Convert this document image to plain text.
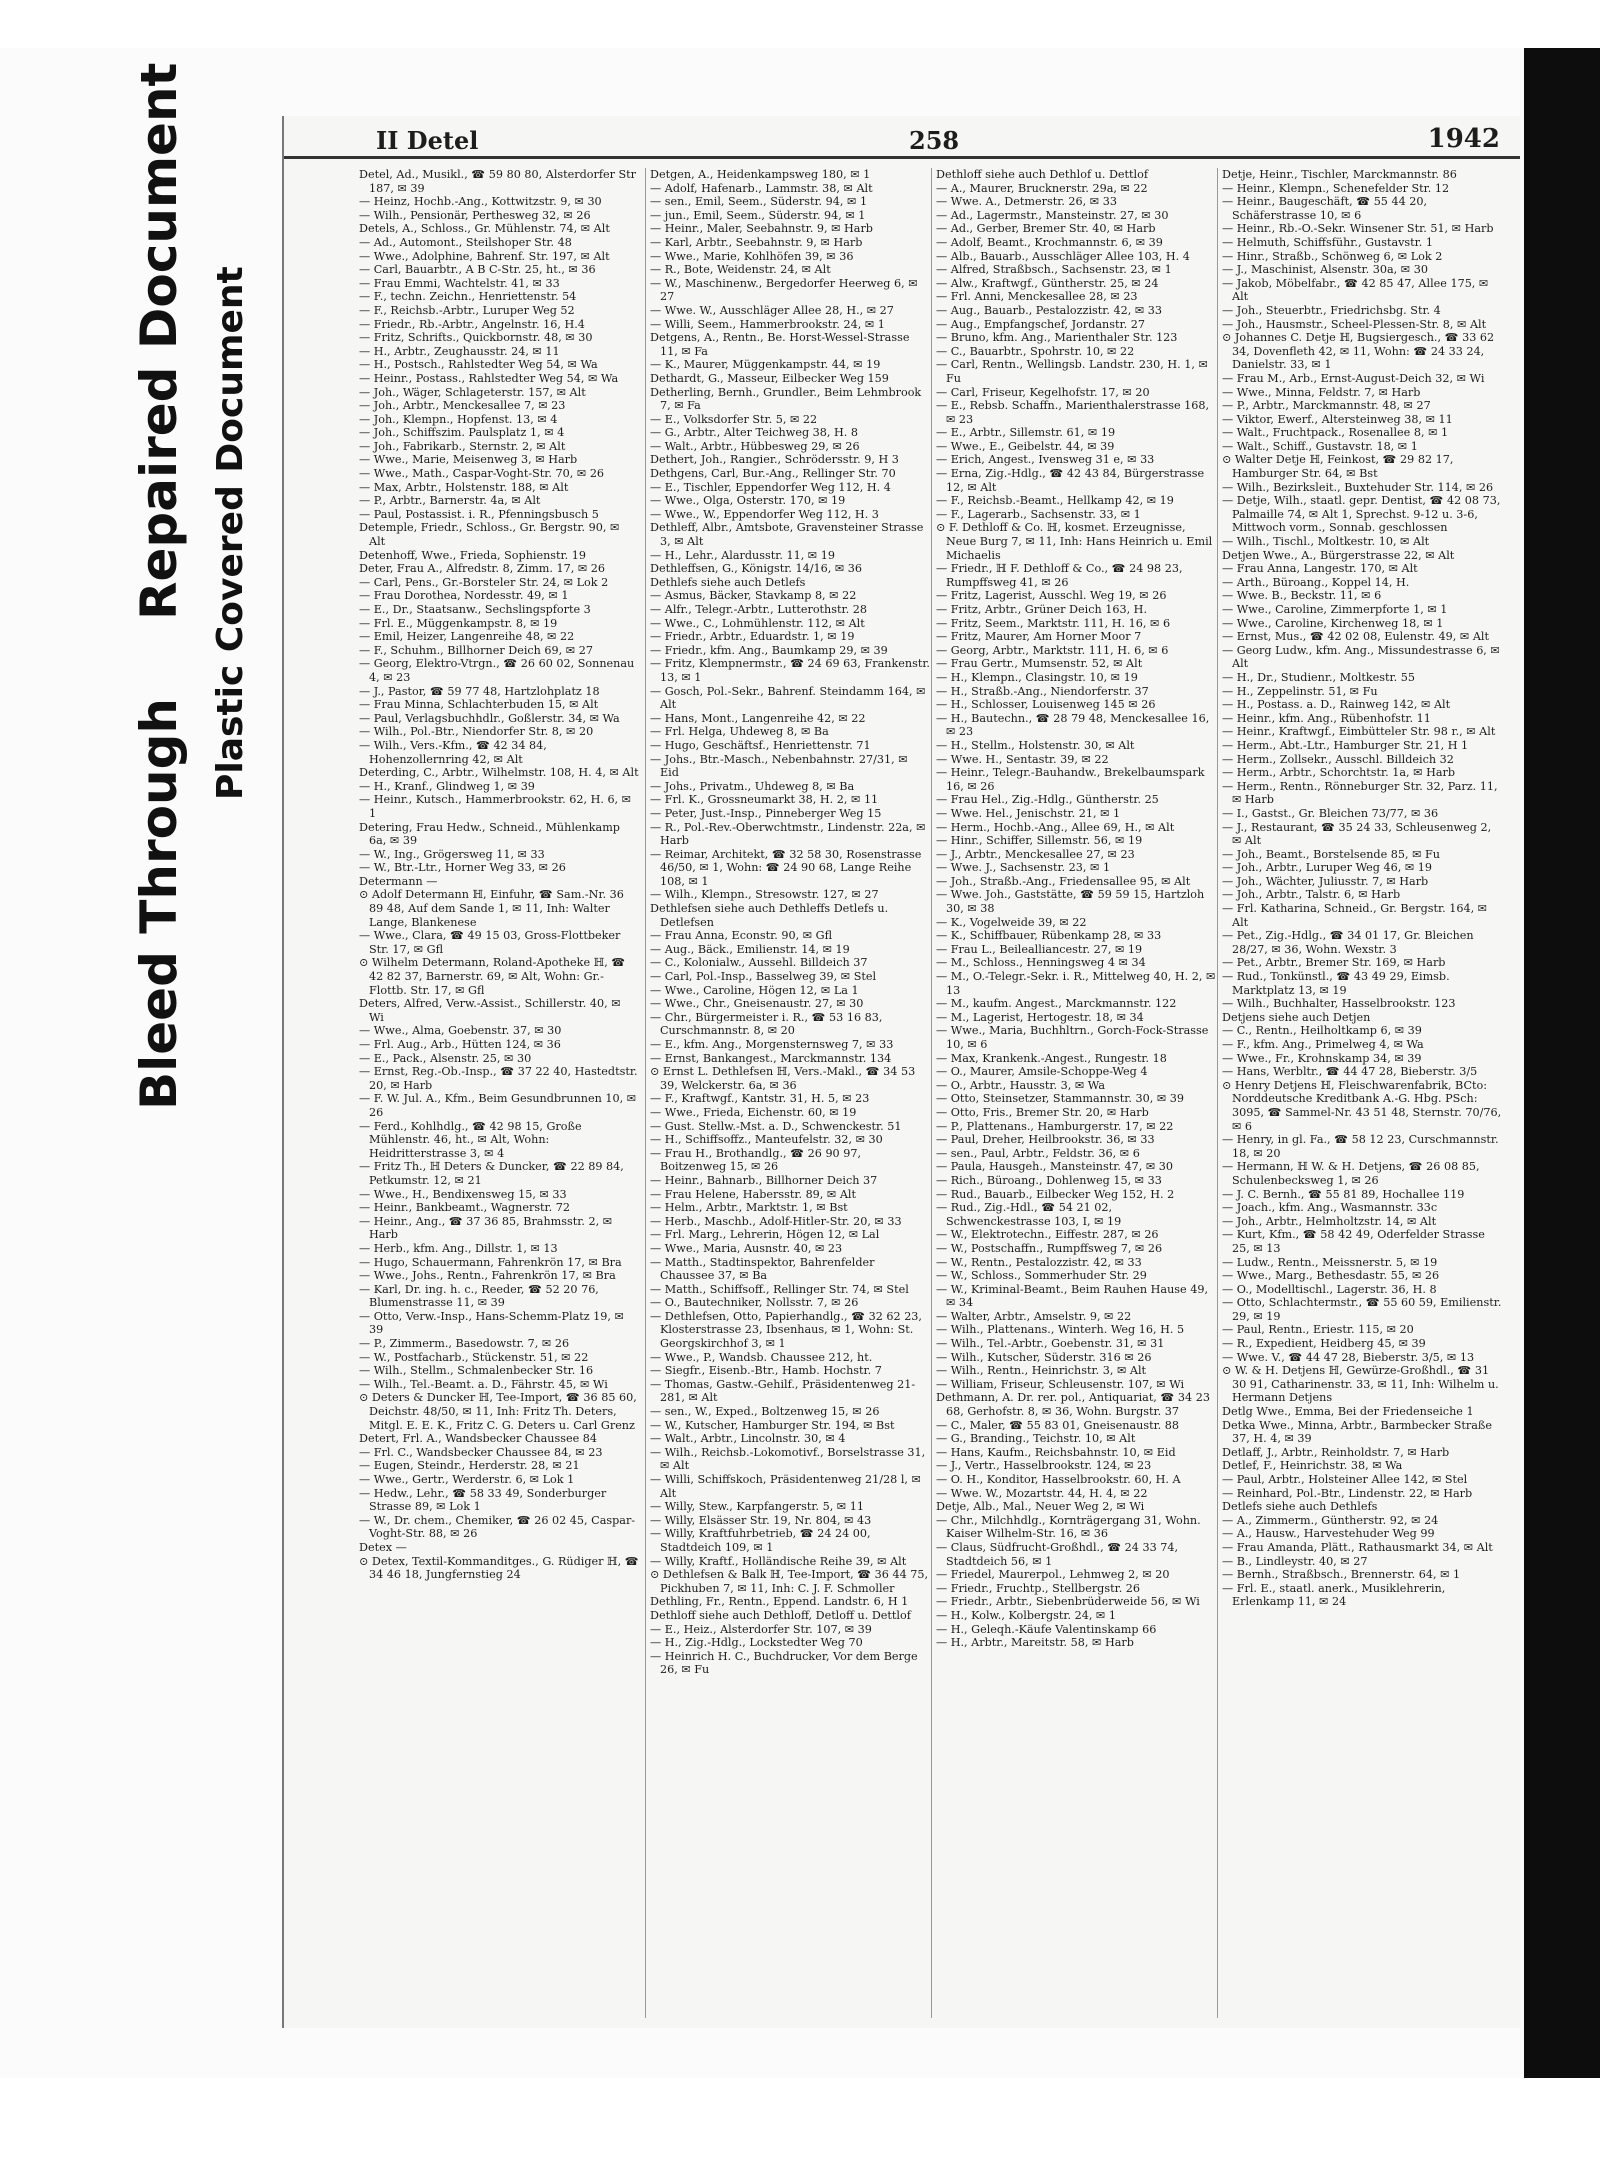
Bleed Through
Repaired Document Plastic Covered Document
II Detel	258	1942

Detel, Ad., Musikl., ☎ 59 80 80, Alsterdorfer Str 187, ✉ 39

— Heinz, Hochb.-Ang., Kottwitzstr. 9, ✉ 30

— Wilh., Pensionär, Perthesweg 32, ✉ 26

Detels, A., Schloss., Gr. Mühlenstr. 74, ✉ Alt

— Ad., Automont., Steilshoper Str. 48

— Wwe., Adolphine, Bahrenf. Str. 197, ✉ Alt

— Carl, Bauarbtr., A B C-Str. 25, ht., ✉ 36

— Frau Emmi, Wachtelstr. 41, ✉ 33

— F., techn. Zeichn., Henriettenstr. 54

— F., Reichsb.-Arbtr., Luruper Weg 52

— Friedr., Rb.-Arbtr., Angelnstr. 16, H.4

— Fritz, Schrifts., Quickbornstr. 48, ✉ 30

— H., Arbtr., Zeughausstr. 24, ✉ 11

— H., Postsch., Rahlstedter Weg 54, ✉ Wa

— Heinr., Postass., Rahlstedter Weg 54, ✉ Wa

— Joh., Wäger, Schlageterstr. 157, ✉ Alt

— Joh., Arbtr., Menckesallee 7, ✉ 23

— Joh., Klempn., Hopfenst. 13, ✉ 4

— Joh., Schiffszim. Paulsplatz 1, ✉ 4

— Joh., Fabrikarb., Sternstr. 2, ✉ Alt

— Wwe., Marie, Meisenweg 3, ✉ Harb

— Wwe., Math., Caspar-Voght-Str. 70, ✉ 26

— Max, Arbtr., Holstenstr. 188, ✉ Alt

— P., Arbtr., Barnerstr. 4a, ✉ Alt

— Paul, Postassist. i. R., Pfenningsbusch 5

Detemple, Friedr., Schloss., Gr. Bergstr. 90, ✉ Alt

Detenhoff, Wwe., Frieda, Sophienstr. 19

Deter, Frau A., Alfredstr. 8, Zimm. 17, ✉ 26

— Carl, Pens., Gr.-Borsteler Str. 24, ✉ Lok 2

— Frau Dorothea, Nordesstr. 49, ✉ 1

— E., Dr., Staatsanw., Sechslingspforte 3

— Frl. E., Müggenkampstr. 8, ✉ 19

— Emil, Heizer, Langenreihe 48, ✉ 22

— F., Schuhm., Billhorner Deich 69, ✉ 27

— Georg, Elektro-Vtrgn., ☎ 26 60 02, Sonnenau 4, ✉ 23

— J., Pastor, ☎ 59 77 48, Hartzlohplatz 18

— Frau Minna, Schlachterbuden 15, ✉ Alt

— Paul, Verlagsbuchhdlr., Goßlerstr. 34, ✉ Wa

— Wilh., Pol.-Btr., Niendorfer Str. 8, ✉ 20

— Wilh., Vers.-Kfm., ☎ 42 34 84, Hohenzollernring 42, ✉ Alt

Deterding, C., Arbtr., Wilhelmstr. 108, H. 4, ✉ Alt

— H., Kranf., Glindweg 1, ✉ 39

— Heinr., Kutsch., Hammerbrookstr. 62, H. 6, ✉ 1

Detering, Frau Hedw., Schneid., Mühlenkamp 6a, ✉ 39

— W., Ing., Grögersweg 11, ✉ 33

— W., Btr.-Ltr., Horner Weg 33, ✉ 26

Determann —

⊙ Adolf Determann ℍ, Einfuhr, ☎ Sam.-Nr. 36 89 48, Auf dem Sande 1, ✉ 11, Inh: Walter Lange, Blankenese

— Wwe., Clara, ☎ 49 15 03, Gross-Flottbeker Str. 17, ✉ Gfl

⊙ Wilhelm Determann, Roland-Apotheke ℍ, ☎ 42 82 37, Barnerstr. 69, ✉ Alt, Wohn: Gr.-Flottb. Str. 17, ✉ Gfl

Deters, Alfred, Verw.-Assist., Schillerstr. 40, ✉ Wi

— Wwe., Alma, Goebenstr. 37, ✉ 30

— Frl. Aug., Arb., Hütten 124, ✉ 36

— E., Pack., Alsenstr. 25, ✉ 30

— Ernst, Reg.-Ob.-Insp., ☎ 37 22 40, Hastedtstr. 20, ✉ Harb

— F. W. Jul. A., Kfm., Beim Gesundbrunnen 10, ✉ 26

— Ferd., Kohlhdlg., ☎ 42 98 15, Große Mühlenstr. 46, ht., ✉ Alt, Wohn: Heidritterstrasse 3, ✉ 4

— Fritz Th., ℍ Deters & Duncker, ☎ 22 89 84, Petkumstr. 12, ✉ 21

— Wwe., H., Bendixensweg 15, ✉ 33

— Heinr., Bankbeamt., Wagnerstr. 72

— Heinr., Ang., ☎ 37 36 85, Brahmsstr. 2, ✉ Harb

— Herb., kfm. Ang., Dillstr. 1, ✉ 13

— Hugo, Schauermann, Fahrenkrön 17, ✉ Bra

— Wwe., Johs., Rentn., Fahrenkrön 17, ✉ Bra

— Karl, Dr. ing. h. c., Reeder, ☎ 52 20 76, Blumenstrasse 11, ✉ 39

— Otto, Verw.-Insp., Hans-Schemm-Platz 19, ✉ 39

— P., Zimmerm., Basedowstr. 7, ✉ 26

— W., Postfacharb., Stückenstr. 51, ✉ 22

— Wilh., Stellm., Schmalenbecker Str. 16

— Wilh., Tel.-Beamt. a. D., Fährstr. 45, ✉ Wi

⊙ Deters & Duncker ℍ, Tee-Import, ☎ 36 85 60, Deichstr. 48/50, ✉ 11, Inh: Fritz Th. Deters, Mitgl. E. E. K., Fritz C. G. Deters u. Carl Grenz

Detert, Frl. A., Wandsbecker Chaussee 84

— Frl. C., Wandsbecker Chaussee 84, ✉ 23

— Eugen, Steindr., Herderstr. 28, ✉ 21

— Wwe., Gertr., Werderstr. 6, ✉ Lok 1

— Hedw., Lehr., ☎ 58 33 49, Sonderburger Strasse 89, ✉ Lok 1

— W., Dr. chem., Chemiker, ☎ 26 02 45, Caspar-Voght-Str. 88, ✉ 26

Detex —

⊙ Detex, Textil-Kommanditges., G. Rüdiger ℍ, ☎ 34 46 18, Jungfernstieg 24

Detgen, A., Heidenkampsweg 180, ✉ 1

— Adolf, Hafenarb., Lammstr. 38, ✉ Alt

— sen., Emil, Seem., Süderstr. 94, ✉ 1

— jun., Emil, Seem., Süderstr. 94, ✉ 1

— Heinr., Maler, Seebahnstr. 9, ✉ Harb

— Karl, Arbtr., Seebahnstr. 9, ✉ Harb

— Wwe., Marie, Kohlhöfen 39, ✉ 36

— R., Bote, Weidenstr. 24, ✉ Alt

— W., Maschinenw., Bergedorfer Heerweg 6, ✉ 27

— Wwe. W., Ausschläger Allee 28, H., ✉ 27

— Willi, Seem., Hammerbrookstr. 24, ✉ 1

Detgens, A., Rentn., Be. Horst-Wessel-Strasse 11, ✉ Fa

— K., Maurer, Müggenkampstr. 44, ✉ 19

Dethardt, G., Masseur, Eilbecker Weg 159

Detherling, Bernh., Grundler., Beim Lehmbrook 7, ✉ Fa

— E., Volksdorfer Str. 5, ✉ 22

— G., Arbtr., Alter Teichweg 38, H. 8

— Walt., Arbtr., Hübbesweg 29, ✉ 26

Dethert, Joh., Rangier., Schrödersstr. 9, H 3

Dethgens, Carl, Bur.-Ang., Rellinger Str. 70

— E., Tischler, Eppendorfer Weg 112, H. 4

— Wwe., Olga, Osterstr. 170, ✉ 19

— Wwe., W., Eppendorfer Weg 112, H. 3

Dethleff, Albr., Amtsbote, Gravensteiner Strasse 3, ✉ Alt

— H., Lehr., Alardusstr. 11, ✉ 19

Dethleffsen, G., Königstr. 14/16, ✉ 36

Dethlefs siehe auch Detlefs

— Asmus, Bäcker, Stavkamp 8, ✉ 22

— Alfr., Telegr.-Arbtr., Lutterothstr. 28

— Wwe., C., Lohmühlenstr. 112, ✉ Alt

— Friedr., Arbtr., Eduardstr. 1, ✉ 19

— Friedr., kfm. Ang., Baumkamp 29, ✉ 39

— Fritz, Klempnermstr., ☎ 24 69 63, Frankenstr. 13, ✉ 1

— Gosch, Pol.-Sekr., Bahrenf. Steindamm 164, ✉ Alt

— Hans, Mont., Langenreihe 42, ✉ 22

— Frl. Helga, Uhdeweg 8, ✉ Ba

— Hugo, Geschäftsf., Henriettenstr. 71

— Johs., Btr.-Masch., Nebenbahnstr. 27/31, ✉ Eid

— Johs., Privatm., Uhdeweg 8, ✉ Ba

— Frl. K., Grossneumarkt 38, H. 2, ✉ 11

— Peter, Just.-Insp., Pinneberger Weg 15

— R., Pol.-Rev.-Oberwchtmstr., Lindenstr. 22a, ✉ Harb

— Reimar, Architekt, ☎ 32 58 30, Rosenstrasse 46/50, ✉ 1, Wohn: ☎ 24 90 68, Lange Reihe 108, ✉ 1

— Wilh., Klempn., Stresowstr. 127, ✉ 27

Dethlefsen siehe auch Dethleffs Detlefs u. Detlefsen

— Frau Anna, Econstr. 90, ✉ Gfl

— Aug., Bäck., Emilienstr. 14, ✉ 19

— C., Kolonialw., Aussehl. Billdeich 37

— Carl, Pol.-Insp., Basselweg 39, ✉ Stel

— Wwe., Caroline, Högen 12, ✉ La 1

— Wwe., Chr., Gneisenaustr. 27, ✉ 30

— Chr., Bürgermeister i. R., ☎ 53 16 83, Curschmannstr. 8, ✉ 20

— E., kfm. Ang., Morgensternsweg 7, ✉ 33

— Ernst, Bankangest., Marckmannstr. 134

⊙ Ernst L. Dethlefsen ℍ, Vers.-Makl., ☎ 34 53 39, Welckerstr. 6a, ✉ 36

— F., Kraftwgf., Kantstr. 31, H. 5, ✉ 23

— Wwe., Frieda, Eichenstr. 60, ✉ 19

— Gust. Stellw.-Mst. a. D., Schwenckestr. 51

— H., Schiffsoffz., Manteufelstr. 32, ✉ 30

— Frau H., Brothandlg., ☎ 26 90 97, Boitzenweg 15, ✉ 26

— Heinr., Bahnarb., Billhorner Deich 37

— Frau Helene, Habersstr. 89, ✉ Alt

— Helm., Arbtr., Marktstr. 1, ✉ Bst

— Herb., Maschb., Adolf-Hitler-Str. 20, ✉ 33

— Frl. Marg., Lehrerin, Högen 12, ✉ Lal

— Wwe., Maria, Ausnstr. 40, ✉ 23

— Matth., Stadtinspektor, Bahrenfelder Chaussee 37, ✉ Ba

— Matth., Schiffsoff., Rellinger Str. 74, ✉ Stel

— O., Bautechniker, Nollsstr. 7, ✉ 26

— Dethlefsen, Otto, Papierhandlg., ☎ 32 62 23, Klosterstrasse 23, Ibsenhaus, ✉ 1, Wohn: St. Georgskirchhof 3, ✉ 1

— Wwe., P., Wandsb. Chaussee 212, ht.

— Siegfr., Eisenb.-Btr., Hamb. Hochstr. 7

— Thomas, Gastw.-Gehilf., Präsidentenweg 21-281, ✉ Alt

— sen., W., Exped., Boltzenweg 15, ✉ 26

— W., Kutscher, Hamburger Str. 194, ✉ Bst

— Walt., Arbtr., Lincolnstr. 30, ✉ 4

— Wilh., Reichsb.-Lokomotivf., Borselstrasse 31, ✉ Alt

— Willi, Schiffskoch, Präsidentenweg 21/28 l, ✉ Alt

— Willy, Stew., Karpfangerstr. 5, ✉ 11

— Willy, Elsässer Str. 19, Nr. 804, ✉ 43

— Willy, Kraftfuhrbetrieb, ☎ 24 24 00, Stadtdeich 109, ✉ 1

— Willy, Kraftf., Holländische Reihe 39, ✉ Alt

⊙ Dethlefsen & Balk ℍ, Tee-Import, ☎ 36 44 75, Pickhuben 7, ✉ 11, Inh: C. J. F. Schmoller

Dethling, Fr., Rentn., Eppend. Landstr. 6, H 1

Dethloff siehe auch Dethloff, Detloff u. Dettlof

— E., Heiz., Alsterdorfer Str. 107, ✉ 39

— H., Zig.-Hdlg., Lockstedter Weg 70

— Heinrich H. C., Buchdrucker, Vor dem Berge 26, ✉ Fu

Dethloff siehe auch Dethlof u. Dettlof

— A., Maurer, Brucknerstr. 29a, ✉ 22

— Wwe. A., Detmerstr. 26, ✉ 33

— Ad., Lagermstr., Mansteinstr. 27, ✉ 30

— Ad., Gerber, Bremer Str. 40, ✉ Harb

— Adolf, Beamt., Krochmannstr. 6, ✉ 39

— Alb., Bauarb., Ausschläger Allee 103, H. 4

— Alfred, Straßbsch., Sachsenstr. 23, ✉ 1

— Alw., Kraftwgf., Güntherstr. 25, ✉ 24

— Frl. Anni, Menckesallee 28, ✉ 23

— Aug., Bauarb., Pestalozzistr. 42, ✉ 33

— Aug., Empfangschef, Jordanstr. 27

— Bruno, kfm. Ang., Marienthaler Str. 123

— C., Bauarbtr., Spohrstr. 10, ✉ 22

— Carl, Rentn., Wellingsb. Landstr. 230, H. 1, ✉ Fu

— Carl, Friseur, Kegelhofstr. 17, ✉ 20

— E., Rebsb. Schaffn., Marienthalerstrasse 168, ✉ 23

— E., Arbtr., Sillemstr. 61, ✉ 19

— Wwe., E., Geibelstr. 44, ✉ 39

— Erich, Angest., Ivensweg 31 e, ✉ 33

— Erna, Zig.-Hdlg., ☎ 42 43 84, Bürgerstrasse 12, ✉ Alt

— F., Reichsb.-Beamt., Hellkamp 42, ✉ 19

— F., Lagerarb., Sachsenstr. 33, ✉ 1

⊙ F. Dethloff & Co. ℍ, kosmet. Erzeugnisse, Neue Burg 7, ✉ 11, Inh: Hans Heinrich u. Emil Michaelis

— Friedr., ℍ F. Dethloff & Co., ☎ 24 98 23, Rumpffsweg 41, ✉ 26

— Fritz, Lagerist, Ausschl. Weg 19, ✉ 26

— Fritz, Arbtr., Grüner Deich 163, H.

— Fritz, Seem., Marktstr. 111, H. 16, ✉ 6

— Fritz, Maurer, Am Horner Moor 7

— Georg, Arbtr., Marktstr. 111, H. 6, ✉ 6

— Frau Gertr., Mumsenstr. 52, ✉ Alt

— H., Klempn., Clasingstr. 10, ✉ 19

— H., Straßb.-Ang., Niendorferstr. 37

— H., Schlosser, Louisenweg 145 ✉ 26

— H., Bautechn., ☎ 28 79 48, Menckesallee 16, ✉ 23

— H., Stellm., Holstenstr. 30, ✉ Alt

— Wwe. H., Sentastr. 39, ✉ 22

— Heinr., Telegr.-Bauhandw., Brekelbaumspark 16, ✉ 26

— Frau Hel., Zig.-Hdlg., Güntherstr. 25

— Wwe. Hel., Jenischstr. 21, ✉ 1

— Herm., Hochb.-Ang., Allee 69, H., ✉ Alt

— Hinr., Schiffer, Sillemstr. 56, ✉ 19

— J., Arbtr., Menckesallee 27, ✉ 23

— Wwe. J., Sachsenstr. 23, ✉ 1

— Joh., Straßb.-Ang., Friedensallee 95, ✉ Alt

— Wwe. Joh., Gaststätte, ☎ 59 59 15, Hartzloh 30, ✉ 38

— K., Vogelweide 39, ✉ 22

— K., Schiffbauer, Rübenkamp 28, ✉ 33

— Frau L., Beilealliancestr. 27, ✉ 19

— M., Schloss., Henningsweg 4 ✉ 34

— M., O.-Telegr.-Sekr. i. R., Mittelweg 40, H. 2, ✉ 13

— M., kaufm. Angest., Marckmannstr. 122

— M., Lagerist, Hertogestr. 18, ✉ 34

— Wwe., Maria, Buchhltrn., Gorch-Fock-Strasse 10, ✉ 6

— Max, Krankenk.-Angest., Rungestr. 18

— O., Maurer, Amsile-Schoppe-Weg 4

— O., Arbtr., Hausstr. 3, ✉ Wa

— Otto, Steinsetzer, Stammannstr. 30, ✉ 39

— Otto, Fris., Bremer Str. 20, ✉ Harb

— P., Plattenans., Hamburgerstr. 17, ✉ 22

— Paul, Dreher, Heilbrookstr. 36, ✉ 33

— sen., Paul, Arbtr., Feldstr. 36, ✉ 6

— Paula, Hausgeh., Mansteinstr. 47, ✉ 30

— Rich., Büroang., Dohlenweg 15, ✉ 33

— Rud., Bauarb., Eilbecker Weg 152, H. 2

— Rud., Zig.-Hdl., ☎ 54 21 02, Schwenckestrasse 103, I, ✉ 19

— W., Elektrotechn., Eiffestr. 287, ✉ 26

— W., Postschaffn., Rumpffsweg 7, ✉ 26

— W., Rentn., Pestalozzistr. 42, ✉ 33

— W., Schloss., Sommerhuder Str. 29

— W., Kriminal-Beamt., Beim Rauhen Hause 49, ✉ 34

— Walter, Arbtr., Amselstr. 9, ✉ 22

— Wilh., Plattenans., Winterh. Weg 16, H. 5

— Wilh., Tel.-Arbtr., Goebenstr. 31, ✉ 31

— Wilh., Kutscher, Süderstr. 316 ✉ 26

— Wilh., Rentn., Heinrichstr. 3, ✉ Alt

— William, Friseur, Schleusenstr. 107, ✉ Wi

Dethmann, A. Dr. rer. pol., Antiquariat, ☎ 34 23 68, Gerhofstr. 8, ✉ 36, Wohn. Burgstr. 37

— C., Maler, ☎ 55 83 01, Gneisenaustr. 88

— G., Branding., Teichstr. 10, ✉ Alt

— Hans, Kaufm., Reichsbahnstr. 10, ✉ Eid

— J., Vertr., Hasselbrookstr. 124, ✉ 23

— O. H., Konditor, Hasselbrookstr. 60, H. A

— Wwe. W., Mozartstr. 44, H. 4, ✉ 22

Detje, Alb., Mal., Neuer Weg 2, ✉ Wi

— Chr., Milchhdlg., Kornträgergang 31, Wohn. Kaiser Wilhelm-Str. 16, ✉ 36

— Claus, Südfrucht-Großhdl., ☎ 24 33 74, Stadtdeich 56, ✉ 1

— Friedel, Maurerpol., Lehmweg 2, ✉ 20

— Friedr., Fruchtp., Stellbergstr. 26

— Friedr., Arbtr., Siebenbrüderweide 56, ✉ Wi

— H., Kolw., Kolbergstr. 24, ✉ 1

— H., Geleqh.-Käufe Valentinskamp 66

— H., Arbtr., Mareitstr. 58, ✉ Harb

Detje, Heinr., Tischler, Marckmannstr. 86

— Heinr., Klempn., Schenefelder Str. 12

— Heinr., Baugeschäft, ☎ 55 44 20, Schäferstrasse 10, ✉ 6

— Heinr., Rb.-O.-Sekr. Winsener Str. 51, ✉ Harb

— Helmuth, Schiffsführ., Gustavstr. 1

— Hinr., Straßb., Schönweg 6, ✉ Lok 2

— J., Maschinist, Alsenstr. 30a, ✉ 30

— Jakob, Möbelfabr., ☎ 42 85 47, Allee 175, ✉ Alt

— Joh., Steuerbtr., Friedrichsbg. Str. 4

— Joh., Hausmstr., Scheel-Plessen-Str. 8, ✉ Alt

⊙ Johannes C. Detje ℍ, Bugsiergesch., ☎ 33 62 34, Dovenfleth 42, ✉ 11, Wohn: ☎ 24 33 24, Danielstr. 33, ✉ 1

— Frau M., Arb., Ernst-August-Deich 32, ✉ Wi

— Wwe., Minna, Feldstr. 7, ✉ Harb

— P., Arbtr., Marckmannstr. 48, ✉ 27

— Viktor, Ewerf., Altersteinweg 38, ✉ 11

— Walt., Fruchtpack., Rosenallee 8, ✉ 1

— Walt., Schiff., Gustavstr. 18, ✉ 1

⊙ Walter Detje ℍ, Feinkost, ☎ 29 82 17, Hamburger Str. 64, ✉ Bst

— Wilh., Bezirksleit., Buxtehuder Str. 114, ✉ 26

— Detje, Wilh., staatl. gepr. Dentist, ☎ 42 08 73, Palmaille 74, ✉ Alt 1, Sprechst. 9-12 u. 3-6, Mittwoch vorm., Sonnab. geschlossen

— Wilh., Tischl., Moltkestr. 10, ✉ Alt

Detjen Wwe., A., Bürgerstrasse 22, ✉ Alt

— Frau Anna, Langestr. 170, ✉ Alt

— Arth., Büroang., Koppel 14, H.

— Wwe. B., Beckstr. 11, ✉ 6

— Wwe., Caroline, Zimmerpforte 1, ✉ 1

— Wwe., Caroline, Kirchenweg 18, ✉ 1

— Ernst, Mus., ☎ 42 02 08, Eulenstr. 49, ✉ Alt

— Georg Ludw., kfm. Ang., Missundestrasse 6, ✉ Alt

— H., Dr., Studienr., Moltkestr. 55

— H., Zeppelinstr. 51, ✉ Fu

— H., Postass. a. D., Rainweg 142, ✉ Alt

— Heinr., kfm. Ang., Rübenhofstr. 11

— Heinr., Kraftwgf., Eimbütteler Str. 98 r., ✉ Alt

— Herm., Abt.-Ltr., Hamburger Str. 21, H 1

— Herm., Zollsekr., Ausschl. Billdeich 32

— Herm., Arbtr., Schorchtstr. 1a, ✉ Harb

— Herm., Rentn., Rönneburger Str. 32, Parz. 11, ✉ Harb

— I., Gastst., Gr. Bleichen 73/77, ✉ 36

— J., Restaurant, ☎ 35 24 33, Schleusenweg 2, ✉ Alt

— Joh., Beamt., Borstelsende 85, ✉ Fu

— Joh., Arbtr., Luruper Weg 46, ✉ 19

— Joh., Wächter, Juliusstr. 7, ✉ Harb

— Joh., Arbtr., Talstr. 6, ✉ Harb

— Frl. Katharina, Schneid., Gr. Bergstr. 164, ✉ Alt

— Pet., Zig.-Hdlg., ☎ 34 01 17, Gr. Bleichen 28/27, ✉ 36, Wohn. Wexstr. 3

— Pet., Arbtr., Bremer Str. 169, ✉ Harb

— Rud., Tonkünstl., ☎ 43 49 29, Eimsb. Marktplatz 13, ✉ 19

— Wilh., Buchhalter, Hasselbrookstr. 123

Detjens siehe auch Detjen

— C., Rentn., Heilholtkamp 6, ✉ 39

— F., kfm. Ang., Primelweg 4, ✉ Wa

— Wwe., Fr., Krohnskamp 34, ✉ 39

— Hans, Werbltr., ☎ 44 47 28, Bieberstr. 3/5

⊙ Henry Detjens ℍ, Fleischwarenfabrik, BCto: Norddeutsche Kreditbank A.-G. Hbg. PSch: 3095, ☎ Sammel-Nr. 43 51 48, Sternstr. 70/76, ✉ 6

— Henry, in gl. Fa., ☎ 58 12 23, Curschmannstr. 18, ✉ 20

— Hermann, ℍ W. & H. Detjens, ☎ 26 08 85, Schulenbecksweg 1, ✉ 26

— J. C. Bernh., ☎ 55 81 89, Hochallee 119

— Joach., kfm. Ang., Wasmannstr. 33c

— Joh., Arbtr., Helmholtzstr. 14, ✉ Alt

— Kurt, Kfm., ☎ 58 42 49, Oderfelder Strasse 25, ✉ 13

— Ludw., Rentn., Meissnerstr. 5, ✉ 19

— Wwe., Marg., Bethesdastr. 55, ✉ 26

— O., Modelltischl., Lagerstr. 36, H. 8

— Otto, Schlachtermstr., ☎ 55 60 59, Emilienstr. 29, ✉ 19

— Paul, Rentn., Eriestr. 115, ✉ 20

— R., Expedient, Heidberg 45, ✉ 39

— Wwe. V., ☎ 44 47 28, Bieberstr. 3/5, ✉ 13

⊙ W. & H. Detjens ℍ, Gewürze-Großhdl., ☎ 31 30 91, Catharinenstr. 33, ✉ 11, Inh: Wilhelm u. Hermann Detjens

Detlg Wwe., Emma, Bei der Friedenseiche 1

Detka Wwe., Minna, Arbtr., Barmbecker Straße 37, H. 4, ✉ 39

Detlaff, J., Arbtr., Reinholdstr. 7, ✉ Harb

Detlef, F., Heinrichstr. 38, ✉ Wa

— Paul, Arbtr., Holsteiner Allee 142, ✉ Stel

— Reinhard, Pol.-Btr., Lindenstr. 22, ✉ Harb

Detlefs siehe auch Dethlefs

— A., Zimmerm., Güntherstr. 92, ✉ 24

— A., Hausw., Harvestehuder Weg 99

— Frau Amanda, Plätt., Rathausmarkt 34, ✉ Alt

— B., Lindleystr. 40, ✉ 27

— Bernh., Straßbsch., Brennerstr. 64, ✉ 1

— Frl. E., staatl. anerk., Musiklehrerin, Erlenkamp 11, ✉ 24
